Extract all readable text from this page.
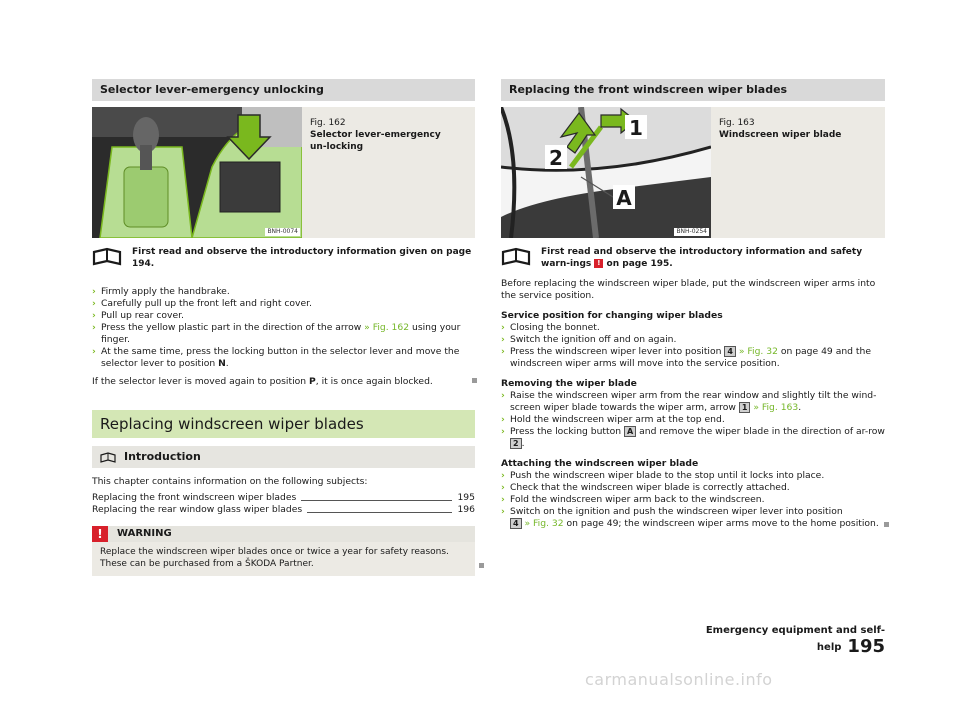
Selector lever-emergency unlocking
BNH-0074
Fig. 162
Selector lever-emergency un-locking
First read and observe the introductory information given on page 194.
› Firmly apply the handbrake.
› Carefully pull up the front left and right cover.
› Pull up rear cover.
› Press the yellow plastic part in the direction of the arrow » Fig. 162 using your finger.
› At the same time, press the locking button in the selector lever and move the selector lever to position N.
If the selector lever is moved again to position P, it is once again blocked.
Replacing windscreen wiper blades
Introduction
This chapter contains information on the following subjects:
Replacing the front windscreen wiper blades	195
Replacing the rear window glass wiper blades	196
!	WARNING
Replace the windscreen wiper blades once or twice a year for safety reasons. These can be purchased from a ŠKODA Partner.
Replacing the front windscreen wiper blades
1
2
A
BNH-0254
Fig. 163
Windscreen wiper blade
First read and observe the introductory information and safety warn-ings ! on page 195.
Before replacing the windscreen wiper blade, put the windscreen wiper arms into the service position.
Service position for changing wiper blades
› Closing the bonnet.
› Switch the ignition off and on again.
› Press the windscreen wiper lever into position 4 » Fig. 32 on page 49 and the windscreen wiper arms will move into the service position.
Removing the wiper blade
› Raise the windscreen wiper arm from the rear window and slightly tilt the wind-screen wiper blade towards the wiper arm, arrow 1 » Fig. 163.
› Hold the windscreen wiper arm at the top end.
› Press the locking button A and remove the wiper blade in the direction of ar-row 2 .
Attaching the windscreen wiper blade
› Push the windscreen wiper blade to the stop until it locks into place.
› Check that the windscreen wiper blade is correctly attached.
› Fold the windscreen wiper arm back to the windscreen.
› Switch on the ignition and push the windscreen wiper lever into position
4 » Fig. 32 on page 49; the windscreen wiper arms move to the home position.
Emergency equipment and self-help 195
carmanualsonline.info
